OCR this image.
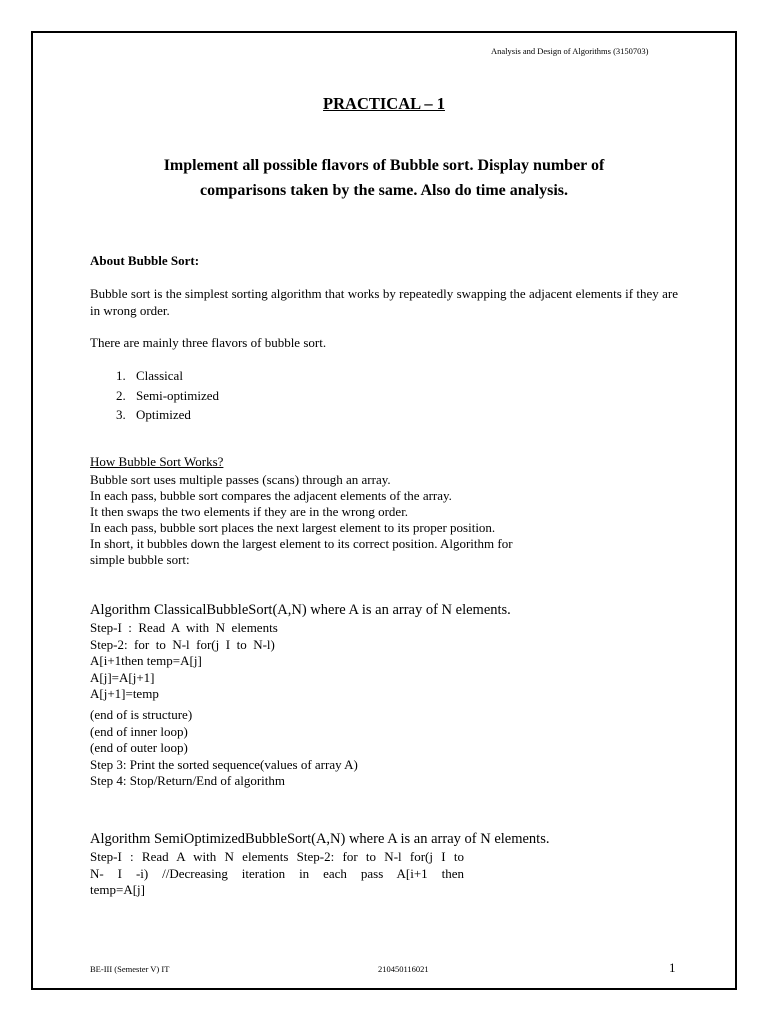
Analysis and Design of Algorithms (3150703)
PRACTICAL – 1
Implement all possible flavors of Bubble sort. Display number of
comparisons taken by the same. Also do time analysis.
About Bubble Sort:
Bubble sort is the simplest sorting algorithm that works by repeatedly swapping the adjacent elements if they are in wrong order.
There are mainly three flavors of bubble sort.
1. Classical
2. Semi-optimized
3. Optimized
How Bubble Sort Works?
Bubble sort uses multiple passes (scans) through an array.
In each pass, bubble sort compares the adjacent elements of the array.
It then swaps the two elements if they are in the wrong order.
In each pass, bubble sort places the next largest element to its proper position.
In short, it bubbles down the largest element to its correct position. Algorithm for
simple bubble sort:
Algorithm ClassicalBubbleSort(A,N) where A is an array of N elements.
Step-I  :  Read  A  with  N  elements
Step-2:  for  to  N-l  for(j  I  to  N-l)
A[i+1then temp=A[j]
A[j]=A[j+1]
A[j+1]=temp
(end of is structure)
(end of inner loop)
(end of outer loop)
Step 3: Print the sorted sequence(values of array A)
Step 4: Stop/Return/End of algorithm
Algorithm SemiOptimizedBubbleSort(A,N) where A is an array of N elements.
Step-I : Read A with N elements Step-2: for to N-l for(j I to
N-  I  -i)  //Decreasing  iteration  in  each  pass  A[i+1  then
temp=A[j]
BE-III (Semester V) IT	210450116021	1
